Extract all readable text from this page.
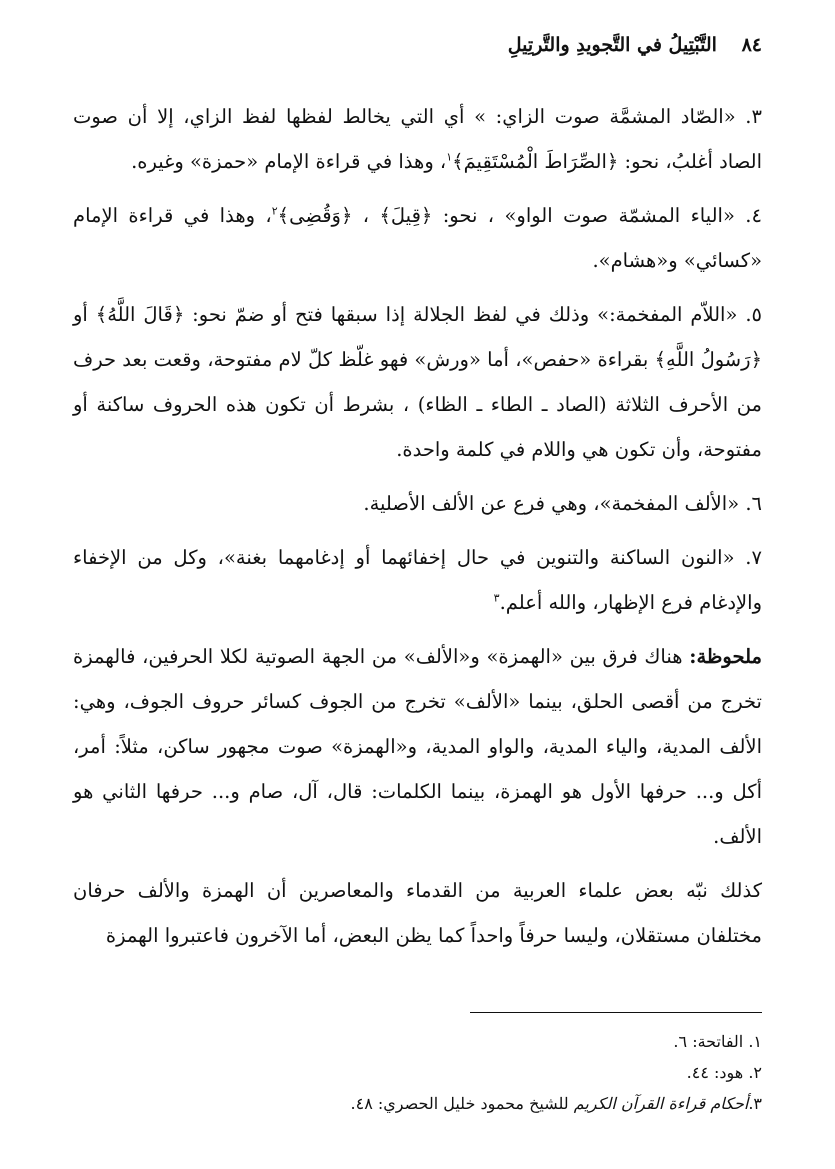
٨٤ التَّبْتِيلُ في التَّجويدِ والتَّرتِيلِ

٣. «الصّاد المشمَّة صوت الزاي: » أي التي يخالط لفظها لفظ الزاي، إلا أن صوت الصاد أغلبُ، نحو: ﴿الصِّرَاطَ الْمُسْتَقِيمَ﴾$^١$، وهذا في قراءة الإمام «حمزة» وغيره.

٤. «الياء المشمّة صوت الواو» ، نحو: ﴿قِيلَ﴾ ، ﴿وَقُضِى﴾$^٢$، وهذا في قراءة الإمام «كسائي» و«هشام».

٥. «اللاّم المفخمة:» وذلك في لفظ الجلالة إذا سبقها فتح أو ضمّ نحو: ﴿قَالَ اللَّهُ﴾ أو ﴿رَسُولُ اللَّهِ﴾ بقراءة «حفص»، أما «ورش» فهو غلّظ كلّ لام مفتوحة، وقعت بعد حرف من الأحرف الثلاثة (الصاد ـ الطاء ـ الظاء) ، بشرط أن تكون هذه الحروف ساكنة أو مفتوحة، وأن تكون هي واللام في كلمة واحدة.

٦. «الألف المفخمة»، وهي فرع عن الألف الأصلية.

٧. «النون الساكنة والتنوين في حال إخفائهما أو إدغامهما بغنة»، وكل من الإخفاء والإدغام فرع الإظهار، والله أعلم.$^٣$

ملحوظة: هناك فرق بين «الهمزة» و«الألف» من الجهة الصوتية لكلا الحرفين، فالهمزة تخرج من أقصى الحلق، بينما «الألف» تخرج من الجوف كسائر حروف الجوف، وهي: الألف المدية، والياء المدية، والواو المدية، و«الهمزة» صوت مجهور ساكن، مثلاً: أمر، أكل و... حرفها الأول هو الهمزة، بينما الكلمات: قال، آل، صام و... حرفها الثاني هو الألف.

كذلك نبّه بعض علماء العربية من القدماء والمعاصرين أن الهمزة والألف حرفان مختلفان مستقلان، وليسا حرفاً واحداً كما يظن البعض، أما الآخرون فاعتبروا الهمزة

١. الفاتحة: ٦.

٢. هود: ٤٤.

٣.أحكام قراءة القرآن الكريم للشيخ محمود خليل الحصري: ٤٨.
